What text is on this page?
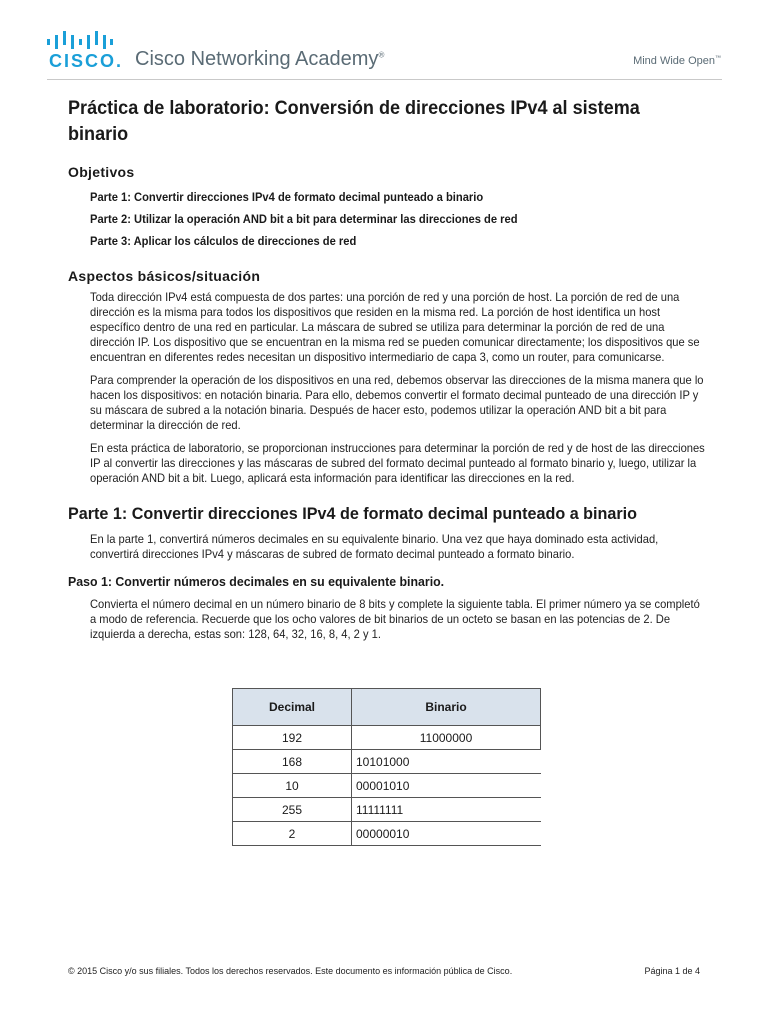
CISCO. Cisco Networking Academy®
Mind Wide Open™
Práctica de laboratorio: Conversión de direcciones IPv4 al sistema binario
Objetivos
Parte 1: Convertir direcciones IPv4 de formato decimal punteado a binario
Parte 2: Utilizar la operación AND bit a bit para determinar las direcciones de red
Parte 3: Aplicar los cálculos de direcciones de red
Aspectos básicos/situación

Toda dirección IPv4 está compuesta de dos partes: una porción de red y una porción de host. La porción de red de una dirección es la misma para todos los dispositivos que residen en la misma red. La porción de host identifica un host específico dentro de una red en particular. La máscara de subred se utiliza para determinar la porción de red de una dirección IP. Los dispositivo que se encuentran en la misma red se pueden comunicar directamente; los dispositivos que se encuentran en diferentes redes necesitan un dispositivo intermediario de capa 3, como un router, para comunicarse.

Para comprender la operación de los dispositivos en una red, debemos observar las direcciones de la misma manera que lo hacen los dispositivos: en notación binaria. Para ello, debemos convertir el formato decimal punteado de una dirección IP y su máscara de subred a la notación binaria. Después de hacer esto, podemos utilizar la operación AND bit a bit para determinar la dirección de red.

En esta práctica de laboratorio, se proporcionan instrucciones para determinar la porción de red y de host de las direcciones IP al convertir las direcciones y las máscaras de subred del formato decimal punteado al formato binario y, luego, utilizar la operación AND bit a bit. Luego, aplicará esta información para identificar las direcciones en la red.

Parte 1: Convertir direcciones IPv4 de formato decimal punteado a binario

En la parte 1, convertirá números decimales en su equivalente binario. Una vez que haya dominado esta actividad, convertirá direcciones IPv4 y máscaras de subred de formato decimal punteado a formato binario.

Paso 1: Convertir números decimales en su equivalente binario.

Convierta el número decimal en un número binario de 8 bits y complete la siguiente tabla. El primer número ya se completó a modo de referencia. Recuerde que los ocho valores de bit binarios de un octeto se basan en las potencias de 2. De izquierda a derecha, estas son: 128, 64, 32, 16, 8, 4, 2 y 1.

Decimal	Binario
192	11000000
168	10101000
10	00001010
255	11111111
2	00000010
© 2015 Cisco y/o sus filiales. Todos los derechos reservados. Este documento es información pública de Cisco.	Página 1 de 4
